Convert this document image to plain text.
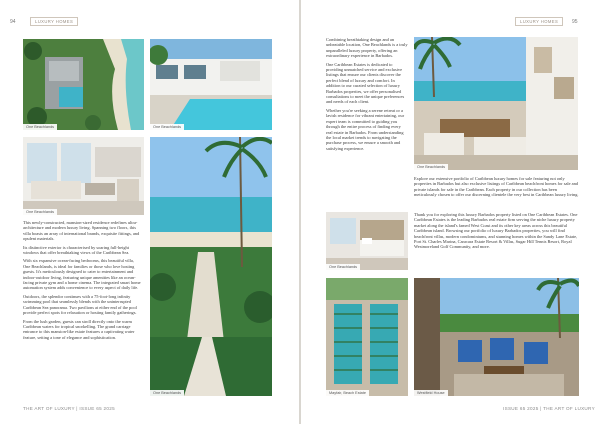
94	LUXURY HOMES
One Beachlands	One Beachlands
One Beachlands
One Beachlands

This newly-constructed, mansion-sized residence redefines ultra-architecture and modern luxury living. Spanning two floors, this villa boasts an array of international brands, exquisite fittings, and opulent materials.

Its distinctive exterior is characterised by soaring full-height windows that offer breathtaking views of the Caribbean Sea.

With six expansive ocean-facing bedrooms, this beautiful villa, One Beachlands, is ideal for families or those who love hosting guests. It's meticulously designed to cater to entertainment and indoor-outdoor living, featuring unique amenities like an ocean-facing private gym and a home cinema. The integrated smart home automation system adds convenience to every aspect of daily life.

Outdoors, the splendor continues with a 75-foot-long infinity swimming pool that seamlessly blends with the uninterrupted Caribbean Sea panorama. Two pavilions at either end of the pool provide perfect spots for relaxation or hosting family gatherings.

From the lush garden, guests can stroll directly onto the warm Caribbean waters for tropical snorkelling. The grand carriage entrance to this mansion-like estate features a captivating water feature, setting a tone of elegance and sophistication.

THE ART OF LUXURY | ISSUE 65 2025
LUXURY HOMES	95

Combining breathtaking design and an unbeatable location, One Beachlands is a truly unparalleled luxury property, offering an extraordinary experience in Barbados.

One Caribbean Estates is dedicated to providing unmatched service and exclusive listings that ensure our clients discover the perfect blend of luxury and comfort. In addition to our curated selection of luxury Barbados properties, we offer personalised consultations to meet the unique preferences and needs of each client.

Whether you're seeking a serene retreat or a lavish residence for vibrant entertaining, our expert team is committed to guiding you through the entire process of finding every real estate in Barbados. From understanding the local market trends to navigating the purchase process, we ensure a smooth and satisfying experience.

One Beachlands

Explore our extensive portfolio of Caribbean luxury homes for sale featuring not only properties in Barbados but also exclusive listings of Caribbean beachfront homes for sale and private islands for sale in the Caribbean. Each property in our collection has been meticulously chosen to offer our discerning clientele the very best in Caribbean luxury living.

One Beachlands

Thank you for exploring this luxury Barbados property listed on One Caribbean Estates. One Caribbean Estates is the leading Barbados real estate firm serving the niche luxury property market along the island's famed West Coast and its other key areas across this beautiful Caribbean island. Browsing our portfolio of luxury Barbados properties, you will find beachfront villas, modern condominiums, and stunning homes within the Sandy Lane Estate, Port St. Charles Marina, Caracara Estate Resort & Villas, Sugar Hill Tennis Resort, Royal Westmoreland Golf Community, and more.

Mayfair, Beach Estate	Westfield House
ISSUE 65 2025 | THE ART OF LUXURY
